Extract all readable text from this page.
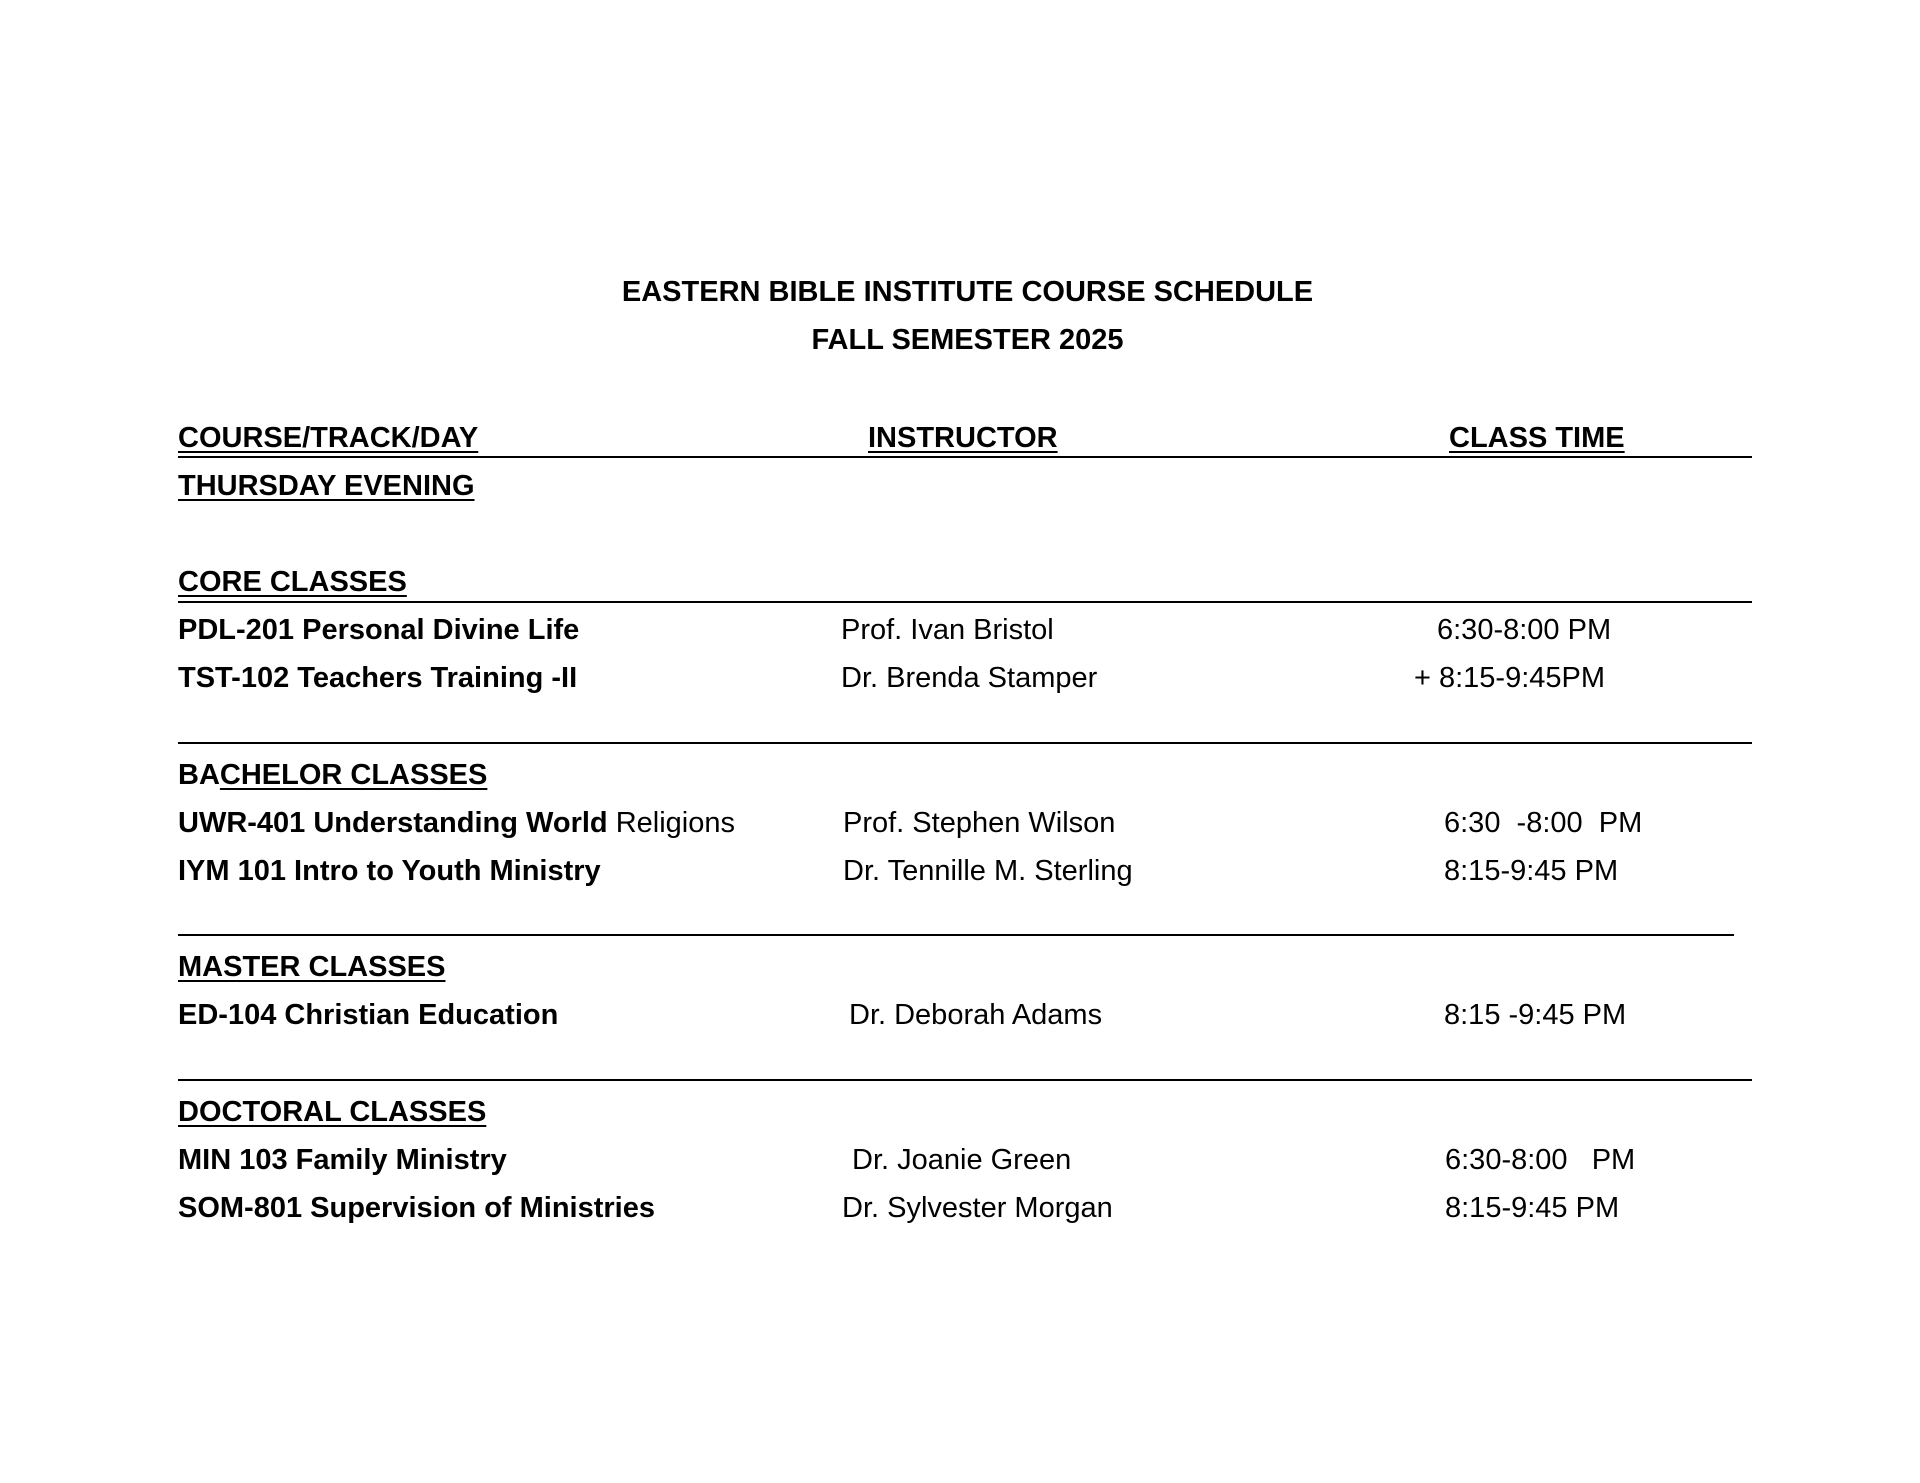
EASTERN BIBLE INSTITUTE COURSE SCHEDULE
FALL SEMESTER 2025
COURSE/TRACK/DAY	INSTRUCTOR	CLASS TIME
THURSDAY EVENING
CORE CLASSES
PDL-201 Personal Divine Life	Prof. Ivan Bristol	6:30-8:00 PM
TST-102 Teachers Training -II	Dr. Brenda Stamper	+ 8:15-9:45PM
BACHELOR CLASSES
UWR-401 Understanding World Religions	Prof. Stephen Wilson	6:30  -8:00  PM
IYM 101 Intro to Youth Ministry	Dr. Tennille M. Sterling	8:15-9:45 PM
MASTER CLASSES
ED-104 Christian Education	Dr. Deborah Adams	8:15 -9:45 PM
DOCTORAL CLASSES
MIN 103 Family Ministry	Dr. Joanie Green	6:30-8:00   PM
SOM-801 Supervision of Ministries	Dr. Sylvester Morgan	8:15-9:45 PM
